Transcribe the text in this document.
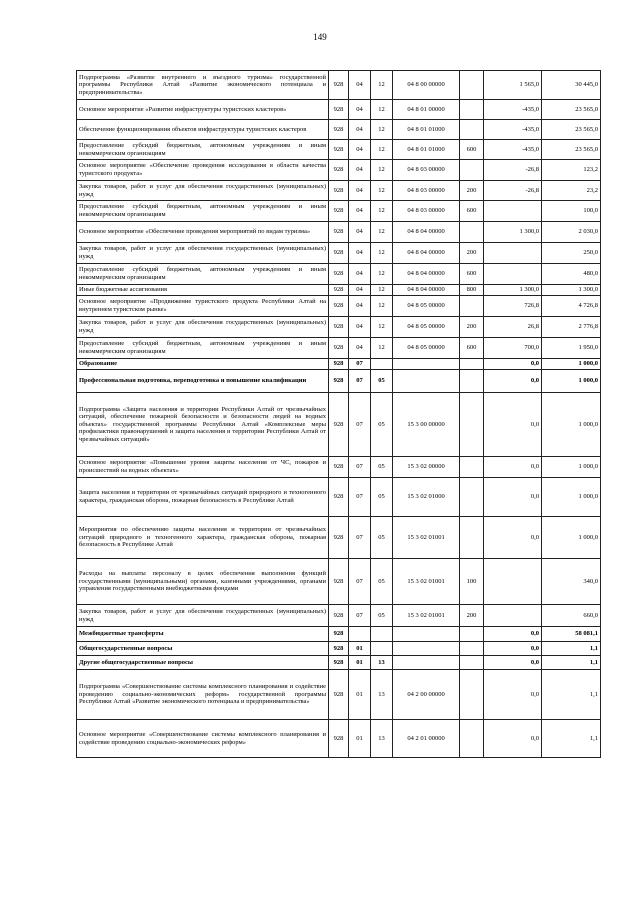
149
Подпрограмма «Развитие внутреннего и въездного туризма» государственной программы Республики Алтай «Развитие экономического потенциала и предпринимательства»	928	04	12	04 8 00 00000		1 565,0	30 445,0
Основное мероприятие «Развитие инфраструктуры туристских кластеров»	928	04	12	04 8 01 00000		-435,0	23 565,0
Обеспечение функционирования объектов инфраструктуры туристских кластеров	928	04	12	04 8 01 01000		-435,0	23 565,0
Предоставление субсидий бюджетным, автономным учреждениям и иным некоммерческим организациям	928	04	12	04 8 01 01000	600	-435,0	23 565,0
Основное мероприятие «Обеспечение проведения исследования в области качества туристского продукта»	928	04	12	04 8 03 00000		-26,8	123,2
Закупка товаров, работ и услуг для обеспечения государственных (муниципальных) нужд	928	04	12	04 8 03 00000	200	-26,8	23,2
Предоставление субсидий бюджетным, автономным учреждениям и иным некоммерческим организациям	928	04	12	04 8 03 00000	600		100,0
Основное мероприятие «Обеспечение проведения мероприятий по видам туризма»	928	04	12	04 8 04 00000		1 300,0	2 030,0
Закупка товаров, работ и услуг для обеспечения государственных (муниципальных) нужд	928	04	12	04 8 04 00000	200		250,0
Предоставление субсидий бюджетным, автономным учреждениям и иным некоммерческим организациям	928	04	12	04 8 04 00000	600		480,0
Иные бюджетные ассигнования	928	04	12	04 8 04 00000	800	1 300,0	1 300,0
Основное мероприятие «Продвижение туристского продукта Республики Алтай на внутреннем туристском рынке»	928	04	12	04 8 05 00000		726,8	4 726,8
Закупка товаров, работ и услуг для обеспечения государственных (муниципальных) нужд	928	04	12	04 8 05 00000	200	26,8	2 776,8
Предоставление субсидий бюджетным, автономным учреждениям и иным некоммерческим организациям	928	04	12	04 8 05 00000	600	700,0	1 950,0
Образование	928	07				0,0	1 000,0
Профессиональная подготовка, переподготовка и повышение квалификации	928	07	05			0,0	1 000,0
Подпрограмма «Защита населения и территории Республики Алтай от чрезвычайных ситуаций, обеспечение пожарной безопасности и безопасности людей на водных объектах» государственной программы Республики Алтай «Комплексные меры профилактики правонарушений и защита населения и территории Республики Алтай от чрезвычайных ситуаций»	928	07	05	15 3 00 00000		0,0	1 000,0
Основное мероприятие «Повышение уровня защиты населения от ЧС, пожаров и происшествий на водных объектах»	928	07	05	15 3 02 00000		0,0	1 000,0
Защита населения и территории от чрезвычайных ситуаций природного и техногенного характера, гражданская оборона, пожарная безопасность в Республике Алтай	928	07	05	15 3 02 01000		0,0	1 000,0
Мероприятия по обеспечению защиты населения и территории от чрезвычайных ситуаций природного и техногенного характера, гражданская оборона, пожарная безопасность в Республике Алтай	928	07	05	15 3 02 01001		0,0	1 000,0
Расходы на выплаты персоналу в целях обеспечения выполнения функций государственными (муниципальными) органами, казенными учреждениями, органами управления государственными внебюджетными фондами	928	07	05	15 3 02 01001	100		340,0
Закупка товаров, работ и услуг для обеспечения государственных (муниципальных) нужд	928	07	05	15 3 02 01001	200		660,0
Межбюджетные трансферты	928					0,0	58 081,1
Общегосударственные вопросы	928	01				0,0	1,1
Другие общегосударственные вопросы	928	01	13			0,0	1,1
Подпрограмма «Совершенствование системы комплексного планирования и содействие проведению социально-экономических реформ» государственной программы Республики Алтай «Развитие экономического потенциала и предпринимательства»	928	01	13	04 2 00 00000		0,0	1,1
Основное мероприятие «Совершенствование системы комплексного планирования и содействие проведению социально-экономических реформ»	928	01	13	04 2 01 00000		0,0	1,1
